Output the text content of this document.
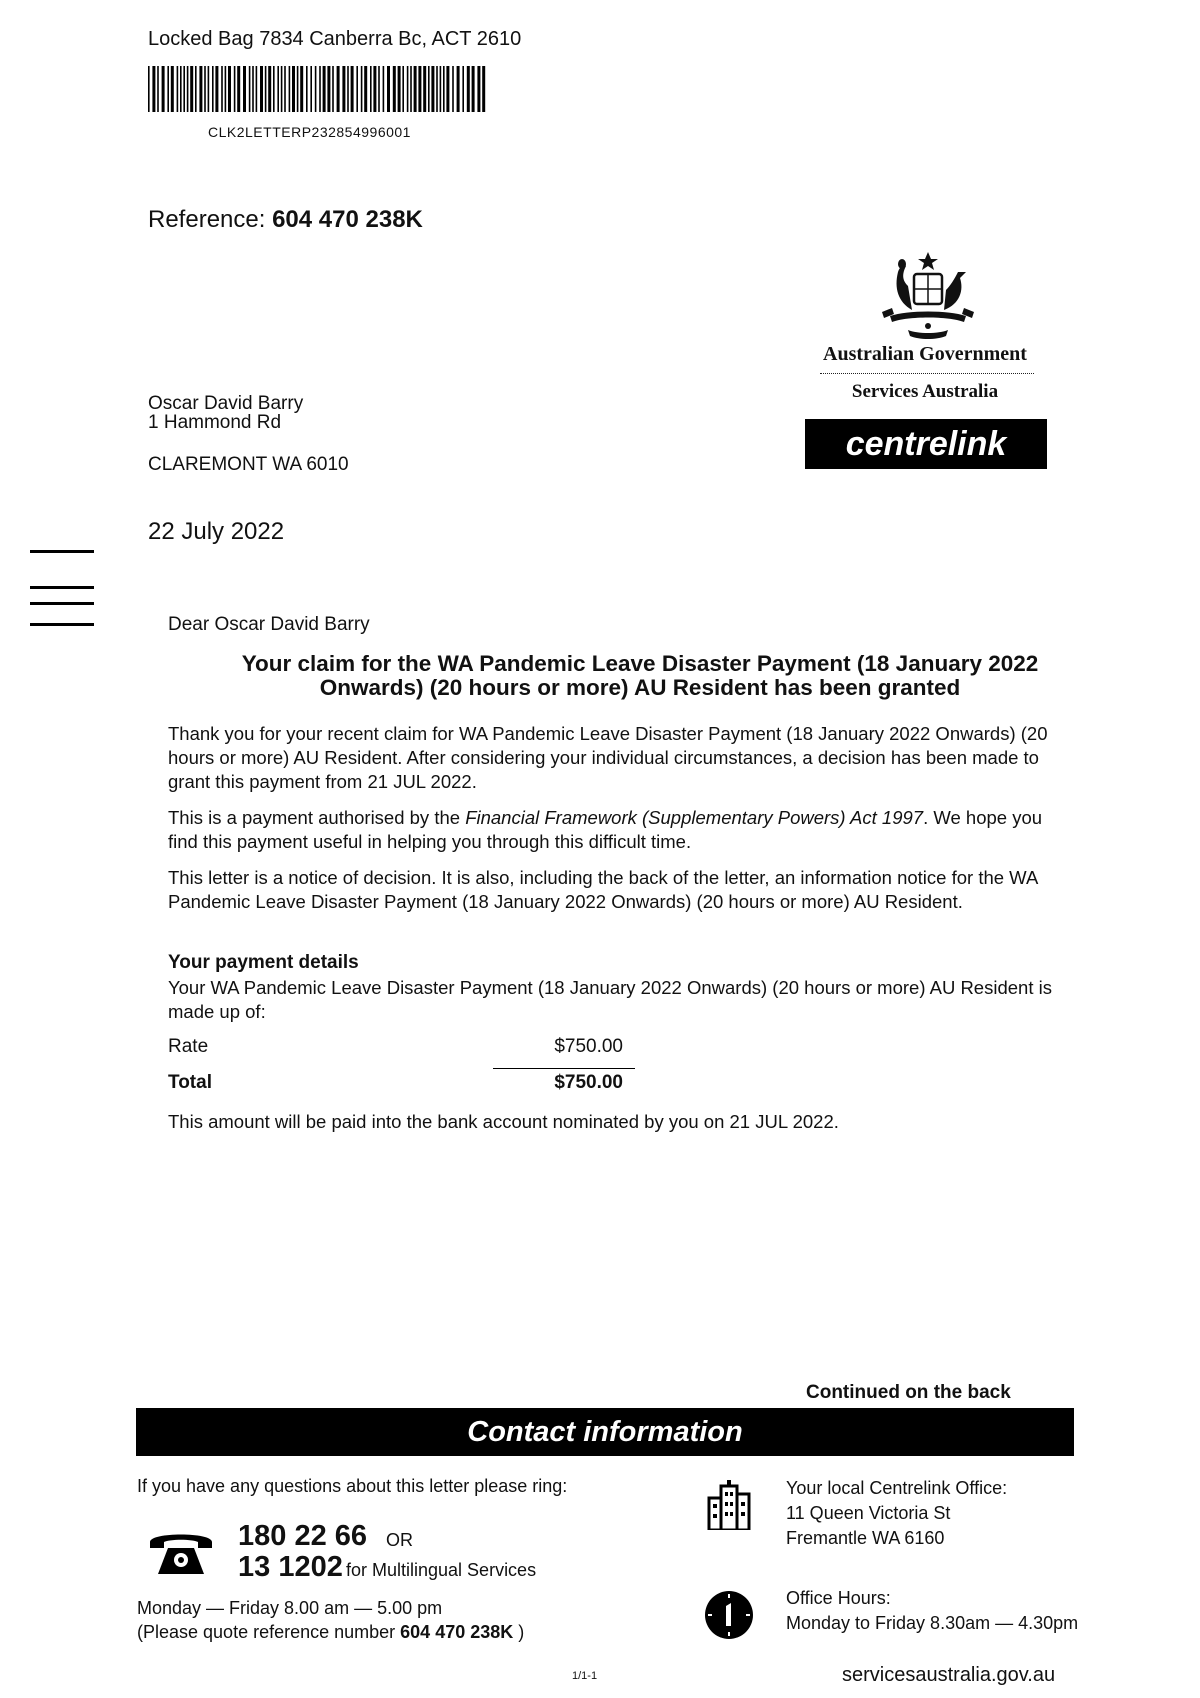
Locked Bag 7834 Canberra Bc, ACT 2610
CLK2LETTERP232854996001
Reference: 604 470 238K
Australian Government
Services Australia
centrelink
Oscar David Barry
1 Hammond Rd
CLAREMONT WA 6010
22 July 2022
Dear Oscar David Barry
Your claim for the WA Pandemic Leave Disaster Payment (18 January 2022
Onwards) (20 hours or more) AU Resident has been granted
Thank you for your recent claim for WA Pandemic Leave Disaster Payment (18 January 2022 Onwards) (20 hours or more) AU Resident. After considering your individual circumstances, a decision has been made to grant this payment from 21 JUL 2022.
This is a payment authorised by the Financial Framework (Supplementary Powers) Act 1997. We hope you find this payment useful in helping you through this difficult time.
This letter is a notice of decision. It is also, including the back of the letter, an information notice for the WA Pandemic Leave Disaster Payment (18 January 2022 Onwards) (20 hours or more) AU Resident.
Your payment details
Your WA Pandemic Leave Disaster Payment (18 January 2022 Onwards) (20 hours or more) AU Resident is made up of:
Rate	$750.00
Total	$750.00
This amount will be paid into the bank account nominated by you on 21 JUL 2022.
Continued on the back
Contact information
If you have any questions about this letter please ring:
180 22 66 OR
13 1202 for Multilingual Services
Monday — Friday 8.00 am — 5.00 pm
(Please quote reference number 604 470 238K )
Your local Centrelink Office:
11 Queen Victoria St
Fremantle WA 6160
Office Hours:
Monday to Friday 8.30am — 4.30pm
1/1-1	servicesaustralia.gov.au
